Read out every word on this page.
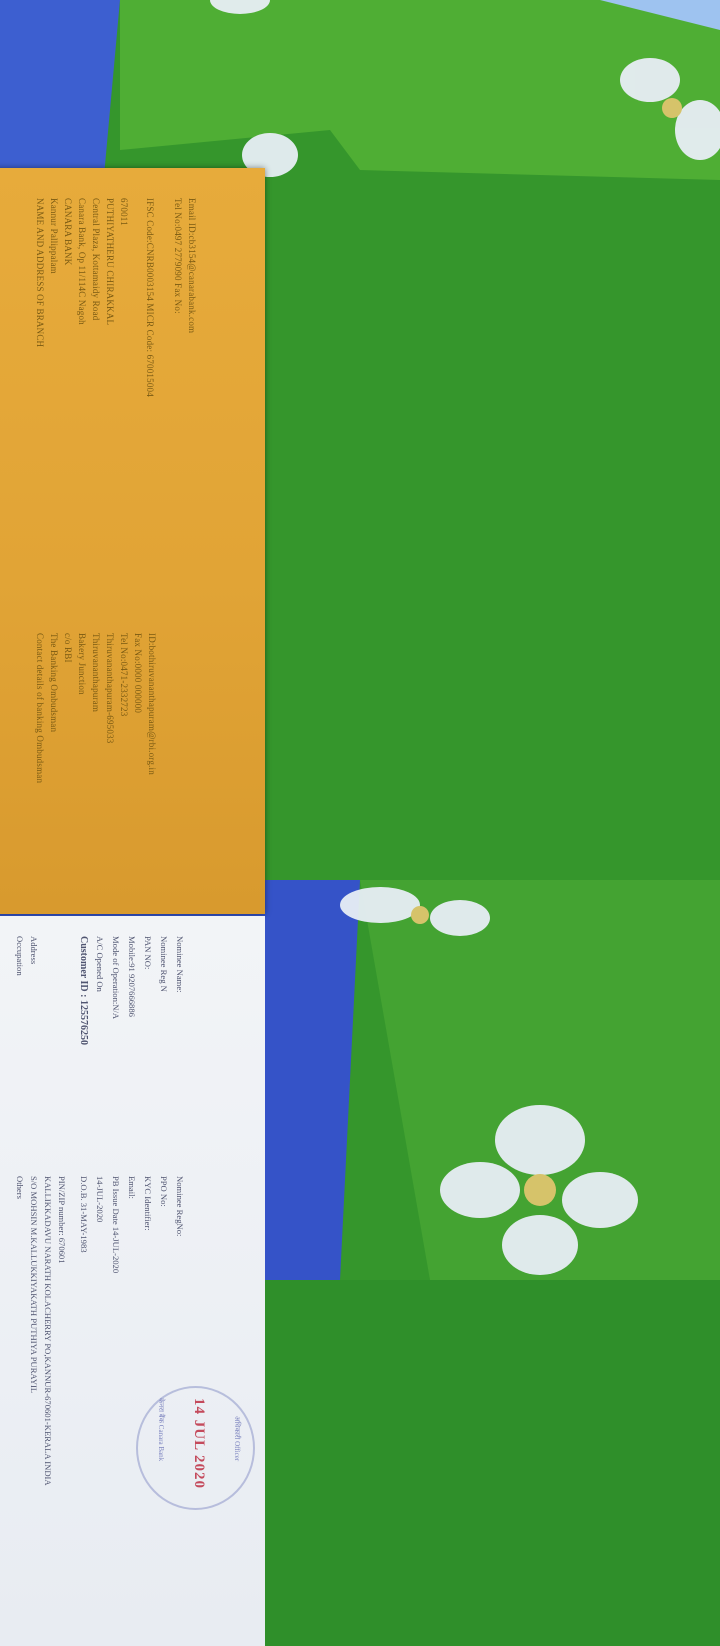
NAME AND ADDRESS OF BRANCH Kannur Pallippalam CANARA BANK Canara Bank, Op 11/114C Nagoh Central Plaza, Kottamaidy Road PUTHIYATHERU CHIRAKKAL 670011 IFSC Code:CNRB0003154 MICR Code: 670015004 Tel No:0497 2779090 Fax No: Email ID:cb3154@canarabank.com
Contact details of banking Ombudsman The Banking Ombudsman c/o RBI Bakery Junction Thiruvananthapuram Thiruvananthapuram-695033 Tel No:0471-2332723 Fax No:0000 000000 ID:bothiruvananthapuram@rbi.org.in
Occupation
Others
Address
S/O MOHSIN M.KALLUKKIYAKATH PUTHIYA PURAYIL KALLIKKADAVU NARATH KOLACHERRY PO,KANNUR-670601-KERALA INDIA PIN/ZIP number: 670601
Customer ID : 125576250
D.O.B. 31-MAY-1983
A/C Opened On
14-JUL-2020
Mode of Operation:N/A
PB Issue Date 14-JUL-2020
Mobile:91 9207666886
Email:
PAN NO:
KYC Identifier:
Nominee Reg N
PPO No:
Nominee Name:
Nominee RegNo:
केनरा बैंक Canara Bank 14 JUL 2020	अधिकारी Officer
